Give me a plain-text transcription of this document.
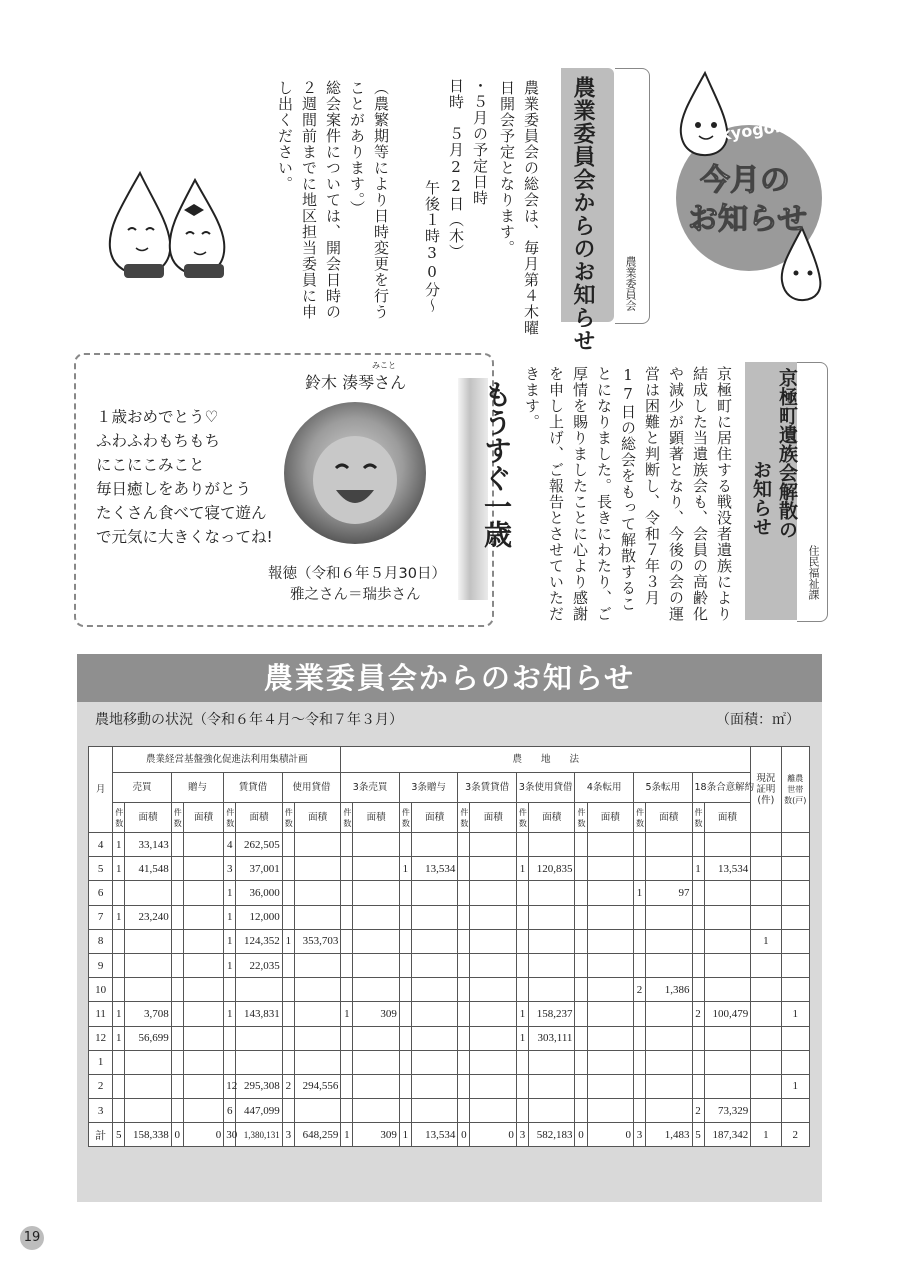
農業委員会からのお知らせ	農業委員会
農業委員会の総会は、毎月第４木曜日開会予定となります。
・５月の予定日時
日時　５月22日（木）
午後１時30分～
（農繁期等により日時変更を行うことがあります。）
総会案件については、開会日時の２週間前までに地区担当委員に申し出ください。	kyogoku
今月の
お知らせ
京極町遺族会解散の
お知らせ
住民福祉課
京極町に居住する戦没者遺族により結成した当遺族会も、会員の高齢化や減少が顕著となり、今後の会の運営は困難と判断し、令和７年３月17日の総会をもって解散することになりました。長きにわたり、ご厚情を賜りましたことに心より感謝を申し上げ、ご報告とさせていただきます。
１歳おめでとう♡
ふわふわもちもち
にこにこみこと
毎日癒しをありがとう
たくさん食べて寝て遊ん
で元気に大きくなってね!
みこと
鈴木 湊琴さん	もうすぐ一歳
報徳（令和６年５月30日）
雅之さん＝瑞歩さん
農業委員会からのお知らせ
農地移動の状況（令和６年４月～令和７年３月）	（面積：㎡）
月	農業経営基盤強化促進法利用集積計画								農　　地　　法														現況証明(件)	離農世帯数(戸)
	売買		贈与		賃貸借		使用貸借		3条売買		3条贈与		3条賃貸借		3条使用貸借		4条転用		5条転用		18条合意解約			
	件数	面積	件数	面積	件数	面積	件数	面積	件数	面積	件数	面積	件数	面積	件数	面積	件数	面積	件数	面積	件数	面積		
4	1	33,143			4	262,505																		
5	1	41,548			3	37,001					1	13,534			1	120,835					1	13,534		
6					1	36,000													1	97				
7	1	23,240			1	12,000																		
8					1	124,352	1	353,703															1	
9					1	22,035																		
10																			2	1,386				
11	1	3,708			1	143,831			1	309					1	158,237					2	100,479		1
12	1	56,699													1	303,111								
1																								
2					12	295,308	2	294,556																1
3					6	447,099															2	73,329		
計	5	158,338	0	0	30	1,380,131	3	648,259	1	309	1	13,534	0	0	3	582,183	0	0	3	1,483	5	187,342	1	2
19
